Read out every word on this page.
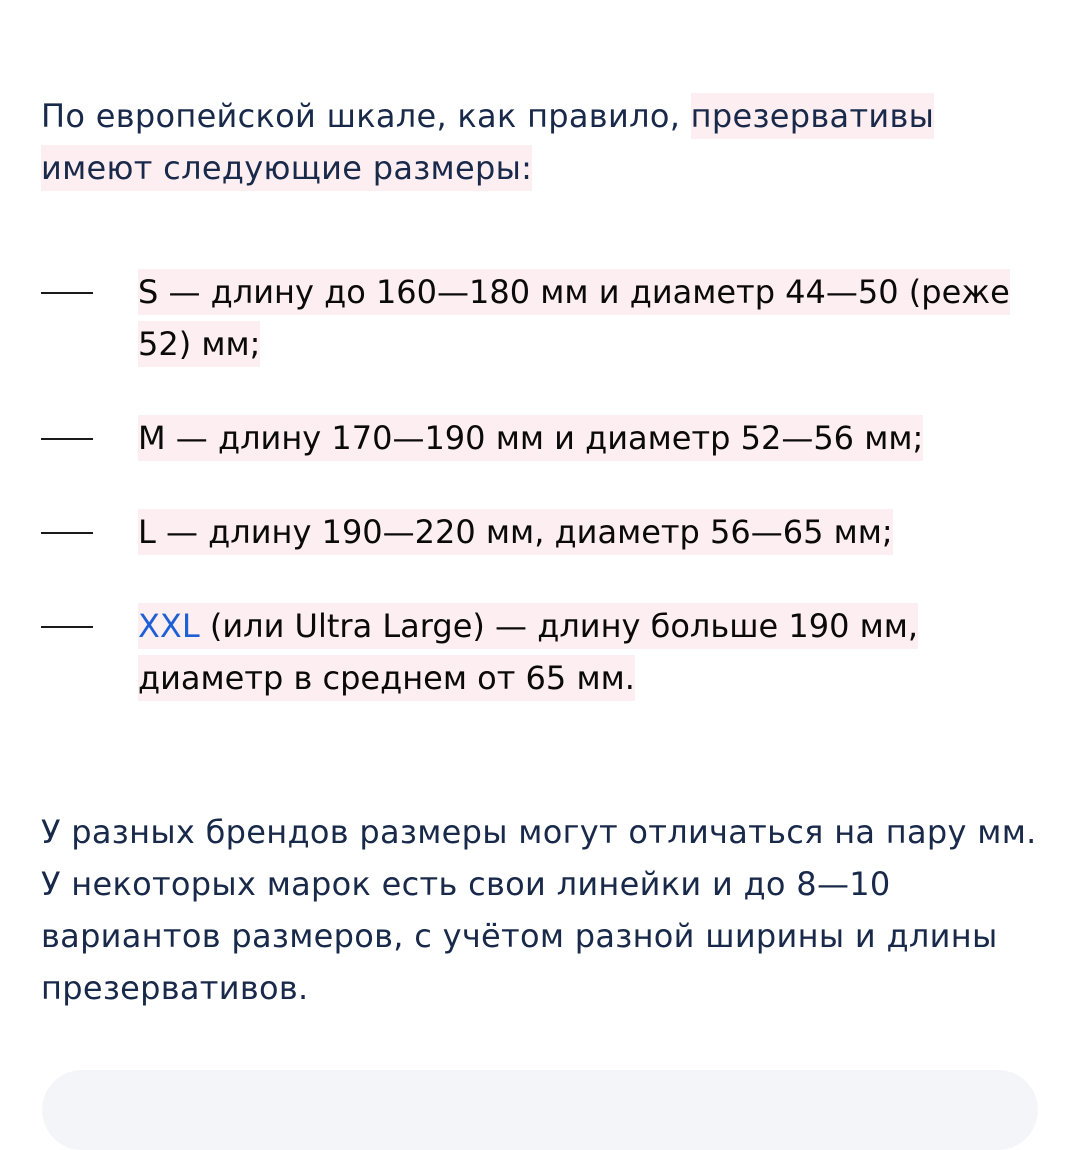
По европейской шкале, как правило, презервативы имеют следующие размеры:

S — длину до 160—180 мм и диаметр 44—50 (реже 52) мм;
M — длину 170—190 мм и диаметр 52—56 мм;
L — длину 190—220 мм, диаметр 56—65 мм;
XXL (или Ultra Large) — длину больше 190 мм, диаметр в среднем от 65 мм.

У разных брендов размеры могут отличаться на пару мм. У некоторых марок есть свои линейки и до 8—10 вариантов размеров, с учётом разной ширины и длины презервативов.
